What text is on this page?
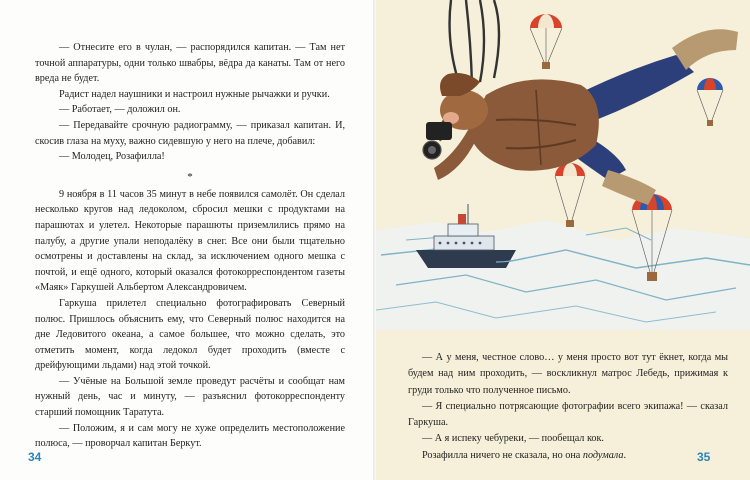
— Отнесите его в чулан, — распорядился капитан. — Там нет точной аппаратуры, одни только швабры, вёдра да канаты. Там от него вреда не будет.

Радист надел наушники и настроил нужные рычажки и ручки.

— Работает, — доложил он.

— Передавайте срочную радиограмму, — приказал капитан. И, скосив глаза на муху, важно сидевшую у него на плече, добавил:

— Молодец, Розафилла!

*

9 ноября в 11 часов 35 минут в небе появился самолёт. Он сделал несколько кругов над ледоколом, сбросил мешки с продуктами на парашютах и улетел. Некоторые парашюты приземлились прямо на палубу, а другие упали неподалёку в снег. Все они были тщательно осмотрены и доставлены на склад, за исключением одного мешка с почтой, и ещё одного, который оказался фотокорреспондентом газеты «Маяк» Гаркушей Альбертом Александровичем.

Гаркуша прилетел специально фотографировать Северный полюс. Пришлось объяснить ему, что Северный полюс находится на дне Ледовитого океана, а самое большее, что можно сделать, это отметить момент, когда ледокол будет проходить (вместе с дрейфующими льдами) над этой точкой.

— Учёные на Большой земле проведут расчёты и сообщат нам нужный день, час и минуту, — разъяснил фотокорреспонденту старший помощник Таратута.

— Положим, я и сам могу не хуже определить местоположение полюса, — проворчал капитан Беркут.

— А у меня, честное слово… у меня просто вот тут ёкнет, когда мы будем над ним проходить, — воскликнул матрос Лебедь, прижимая к груди только что полученное письмо.

— Я специально потрясающие фотографии всего экипажа! — сказал Гаркуша.

— А я испеку чебуреки, — пообещал кок.

Розафилла ничего не сказала, но она подумала.

34	35
